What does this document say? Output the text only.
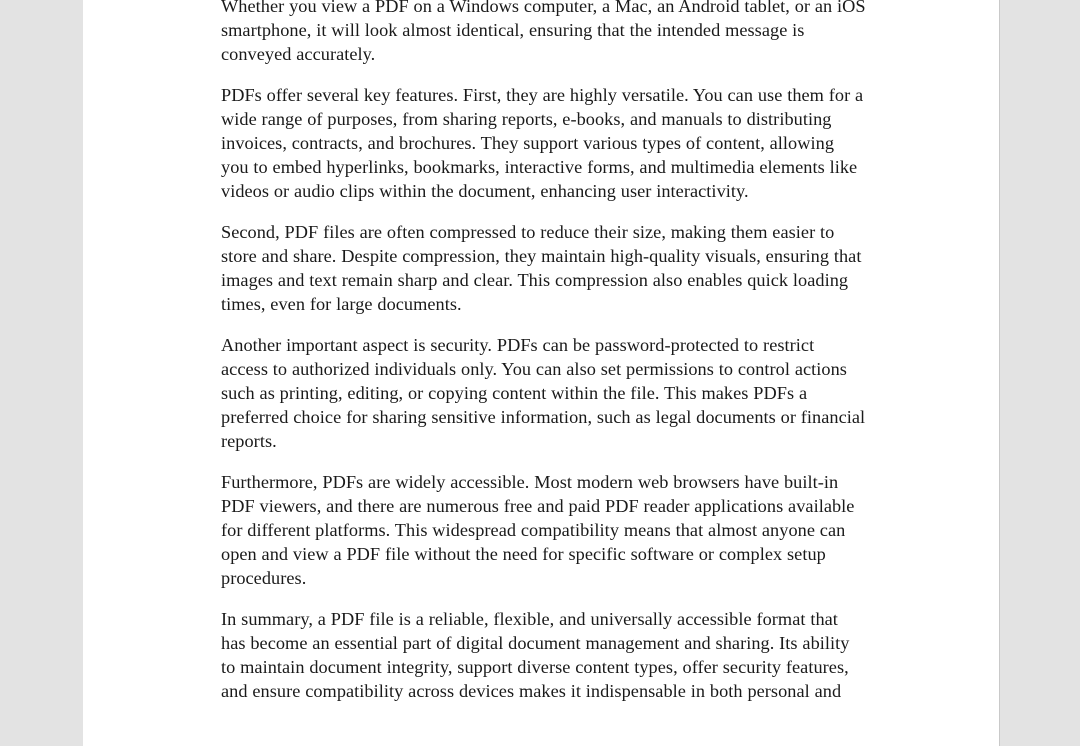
Whether you view a PDF on a Windows computer, a Mac, an Android tablet, or an iOS smartphone, it will look almost identical, ensuring that the intended message is conveyed accurately.

PDFs offer several key features. First, they are highly versatile. You can use them for a wide range of purposes, from sharing reports, e-books, and manuals to distributing invoices, contracts, and brochures. They support various types of content, allowing you to embed hyperlinks, bookmarks, interactive forms, and multimedia elements like videos or audio clips within the document, enhancing user interactivity.

Second, PDF files are often compressed to reduce their size, making them easier to store and share. Despite compression, they maintain high-quality visuals, ensuring that images and text remain sharp and clear. This compression also enables quick loading times, even for large documents.

Another important aspect is security. PDFs can be password-protected to restrict access to authorized individuals only. You can also set permissions to control actions such as printing, editing, or copying content within the file. This makes PDFs a preferred choice for sharing sensitive information, such as legal documents or financial reports.

Furthermore, PDFs are widely accessible. Most modern web browsers have built-in PDF viewers, and there are numerous free and paid PDF reader applications available for different platforms. This widespread compatibility means that almost anyone can open and view a PDF file without the need for specific software or complex setup procedures.

In summary, a PDF file is a reliable, flexible, and universally accessible format that has become an essential part of digital document management and sharing. Its ability to maintain document integrity, support diverse content types, offer security features, and ensure compatibility across devices makes it indispensable in both personal and
